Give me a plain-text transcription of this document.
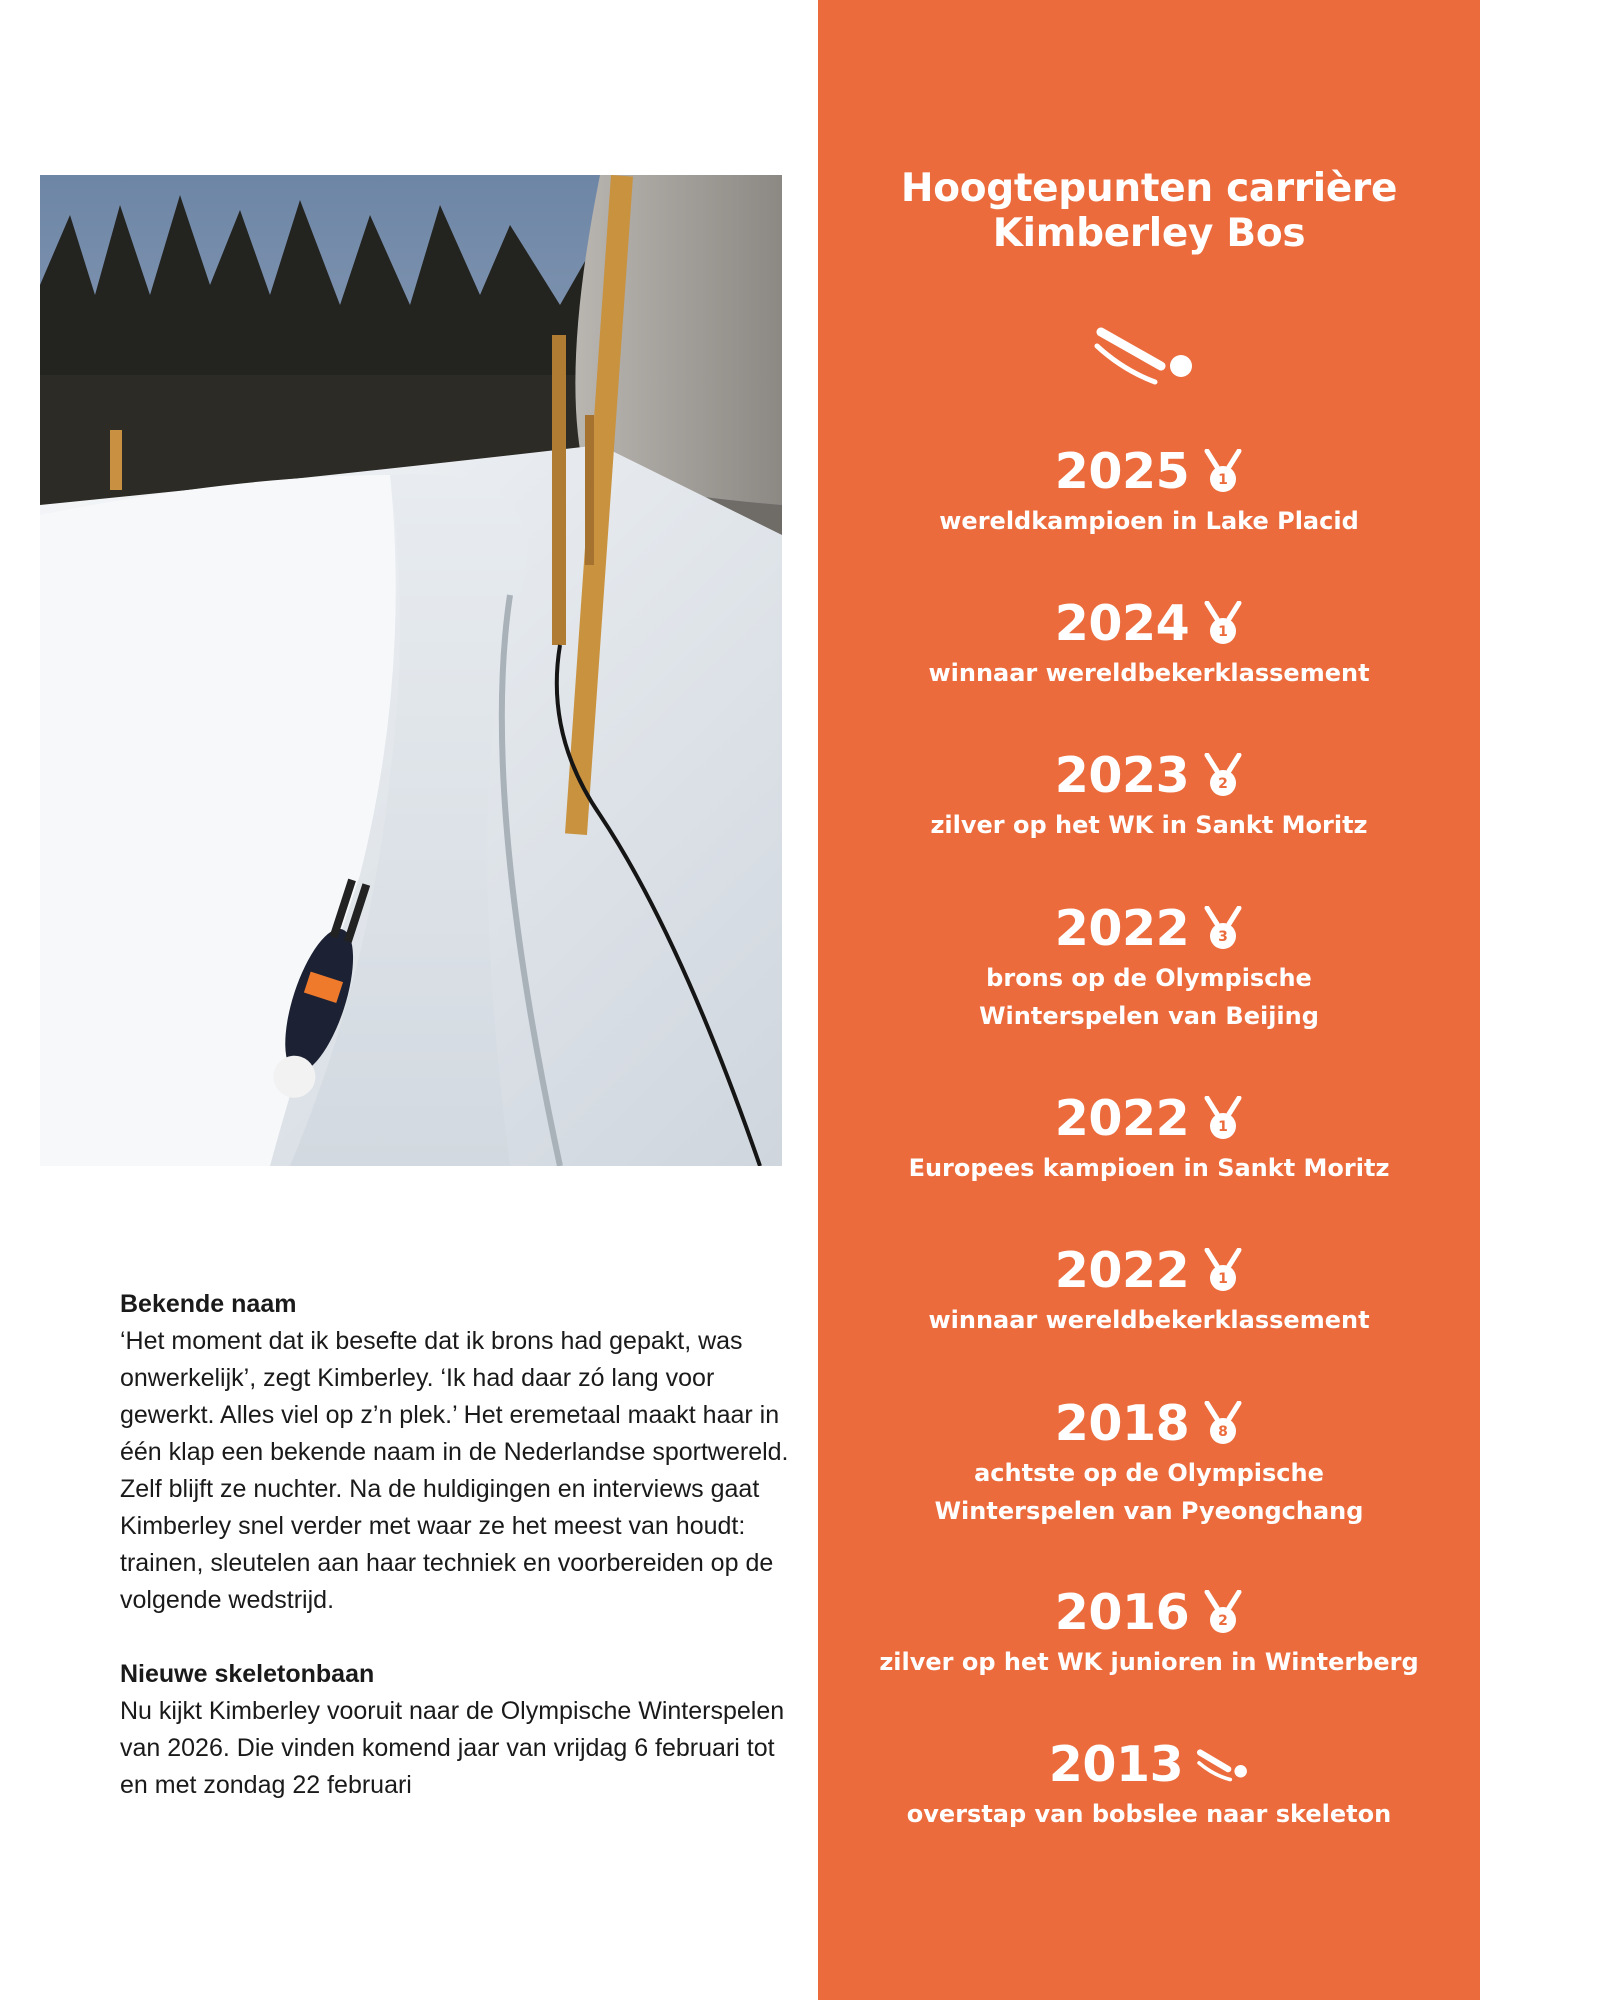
Bekende naam

‘Het moment dat ik besefte dat ik brons had gepakt, was onwerkelijk’, zegt Kimberley. ‘Ik had daar zó lang voor gewerkt. Alles viel op z’n plek.’ Het eremetaal maakt haar in één klap een bekende naam in de Nederlandse sportwereld. Zelf blijft ze nuchter. Na de huldigingen en interviews gaat Kimberley snel verder met waar ze het meest van houdt: trainen, sleutelen aan haar techniek en voorbereiden op de volgende wedstrijd.

Nieuwe skeletonbaan

Nu kijkt Kimberley vooruit naar de Olympische Winterspelen van 2026. Die vinden komend jaar van vrijdag 6 februari tot en met zondag 22 februari

Hoogtepunten carrière
Kimberley Bos
2025 1
wereldkampioen in Lake Placid
2024 1
winnaar wereldbekerklassement
2023 2
zilver op het WK in Sankt Moritz
2022 3
brons op de Olympische
Winterspelen van Beijing
2022 1
Europees kampioen in Sankt Moritz
2022 1
winnaar wereldbekerklassement
2018 8
achtste op de Olympische
Winterspelen van Pyeongchang
2016 2
zilver op het WK junioren in Winterberg
2013
overstap van bobslee naar skeleton
